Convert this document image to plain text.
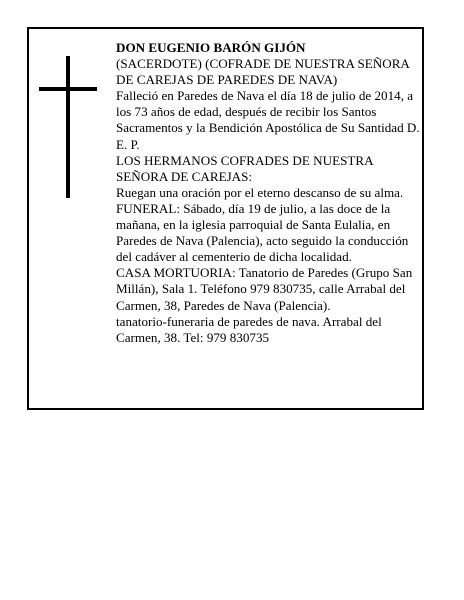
DON EUGENIO BARÓN GIJÓN

(SACERDOTE) (COFRADE DE NUESTRA SEÑORA DE CAREJAS DE PAREDES DE NAVA)

Falleció en Paredes de Nava el día 18 de julio de 2014, a los 73 años de edad, después de recibir los Santos Sacramentos y la Bendición Apostólica de Su Santidad D. E. P.

LOS HERMANOS COFRADES DE NUESTRA SEÑORA DE CAREJAS:

Ruegan una oración por el eterno descanso de su alma.

FUNERAL: Sábado, día 19 de julio, a las doce de la mañana, en la iglesia parroquial de Santa Eulalia, en Paredes de Nava (Palencia), acto seguido la conducción del cadáver al cementerio de dicha localidad.

CASA MORTUORIA: Tanatorio de Paredes (Grupo San Millán), Sala 1. Teléfono 979 830735, calle Arrabal del Carmen, 38, Paredes de Nava (Palencia).

tanatorio-funeraria de paredes de nava. Arrabal del Carmen, 38. Tel: 979 830735
